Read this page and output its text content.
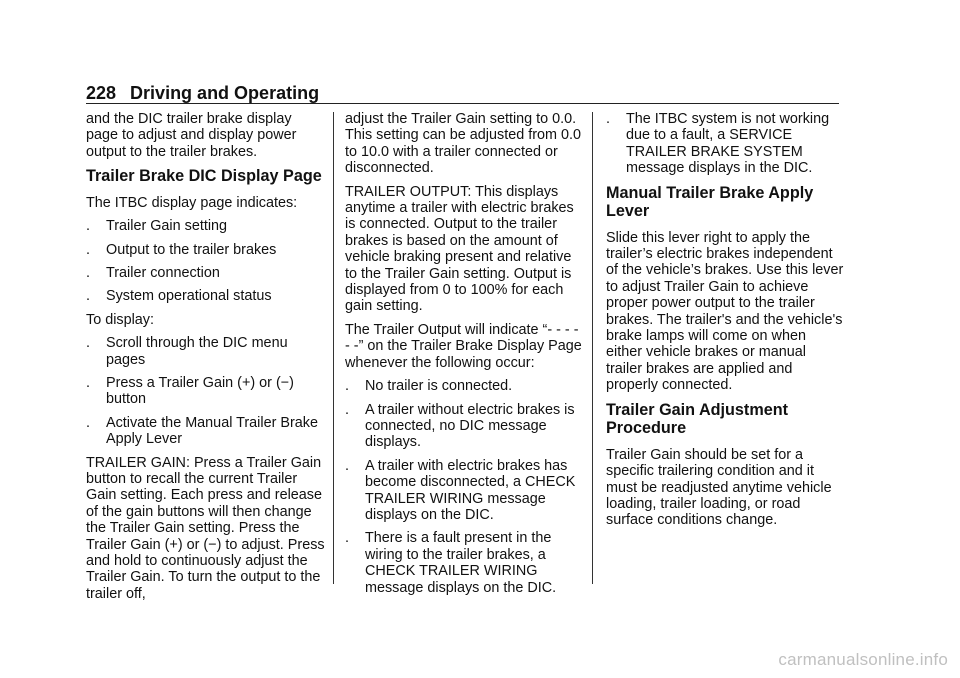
228 Driving and Operating

and the DIC trailer brake display page to adjust and display power output to the trailer brakes.

Trailer Brake DIC Display Page

The ITBC display page indicates:

.	Trailer Gain setting
.	Output to the trailer brakes
.	Trailer connection
.	System operational status

To display:

.	Scroll through the DIC menu pages
.	Press a Trailer Gain (+) or (−) button
.	Activate the Manual Trailer Brake Apply Lever

TRAILER GAIN: Press a Trailer Gain button to recall the current Trailer Gain setting. Each press and release of the gain buttons will then change the Trailer Gain setting. Press the Trailer Gain (+) or (−) to adjust. Press and hold to continuously adjust the Trailer Gain. To turn the output to the trailer off,

adjust the Trailer Gain setting to 0.0. This setting can be adjusted from 0.0 to 10.0 with a trailer connected or disconnected.

TRAILER OUTPUT: This displays anytime a trailer with electric brakes is connected. Output to the trailer brakes is based on the amount of vehicle braking present and relative to the Trailer Gain setting. Output is displayed from 0 to 100% for each gain setting.

The Trailer Output will indicate “- - - - - -” on the Trailer Brake Display Page whenever the following occur:

.	No trailer is connected.
.	A trailer without electric brakes is connected, no DIC message displays.
.	A trailer with electric brakes has become disconnected, a CHECK TRAILER WIRING message displays on the DIC.
.	There is a fault present in the wiring to the trailer brakes, a CHECK TRAILER WIRING message displays on the DIC.
.	The ITBC system is not working due to a fault, a SERVICE TRAILER BRAKE SYSTEM message displays in the DIC.
Manual Trailer Brake Apply Lever

Slide this lever right to apply the trailer’s electric brakes independent of the vehicle’s brakes. Use this lever to adjust Trailer Gain to achieve proper power output to the trailer brakes. The trailer's and the vehicle's brake lamps will come on when either vehicle brakes or manual trailer brakes are applied and properly connected.

Trailer Gain Adjustment Procedure

Trailer Gain should be set for a specific trailering condition and it must be readjusted anytime vehicle loading, trailer loading, or road surface conditions change.

carmanualsonline.info
